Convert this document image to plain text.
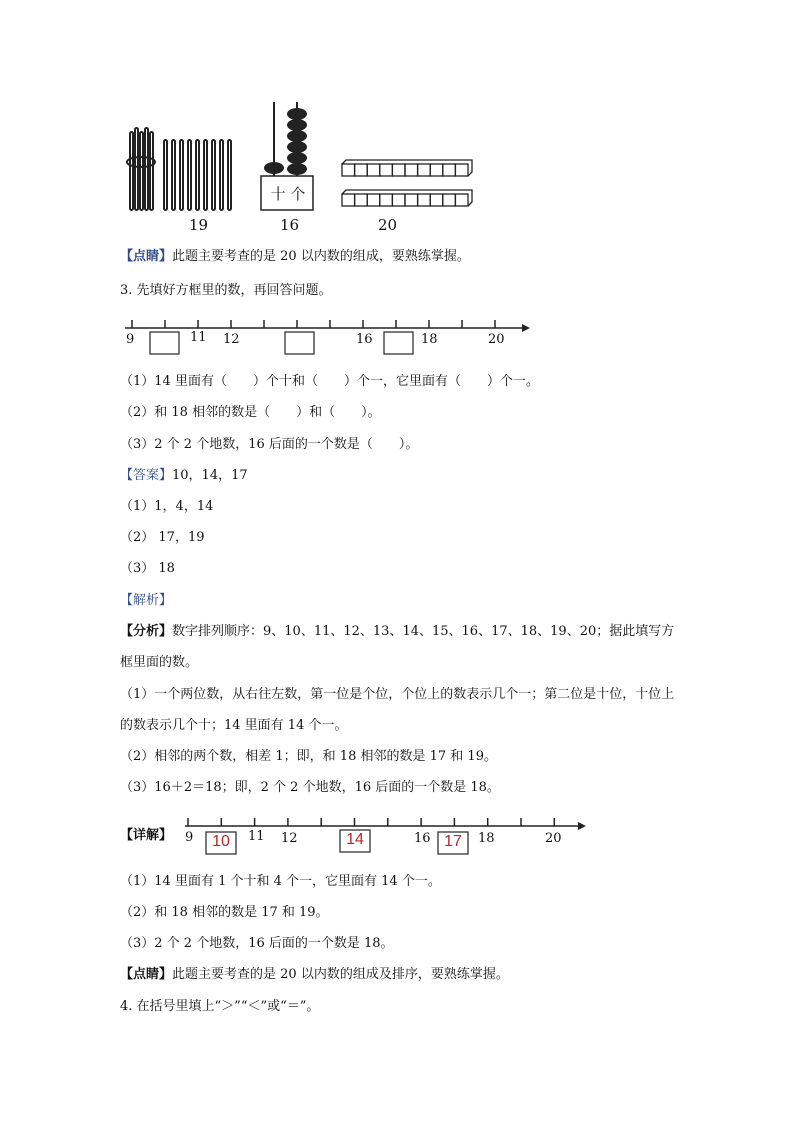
十 个
19	16	20
【点睛】此题主要考查的是 20 以内数的组成，要熟练掌握。
3. 先填好方框里的数，再回答问题。
9	11 12	16	18	20
（1）14 里面有（　　）个十和（　　）个一，它里面有（　　）个一。
（2）和 18 相邻的数是（　　）和（　　）。
（3）2 个 2 个地数，16 后面的一个数是（　　）。
【答案】10，14，17
（1）1，4，14
（2） 17，19
（3） 18
【解析】
【分析】数字排列顺序：9、10、11、12、13、14、15、16、17、18、19、20；据此填写方框里面的数。
（1）一个两位数，从右往左数，第一位是个位，个位上的数表示几个一；第二位是十位，十位上的数表示几个十；14 里面有 14 个一。
（2）相邻的两个数，相差 1；即，和 18 相邻的数是 17 和 19。
（3）16＋2＝18；即，2 个 2 个地数，16 后面的一个数是 18。
【详解】 9	11 12	16	18	20
10	14	17
（1）14 里面有 1 个十和 4 个一，它里面有 14 个一。
（2）和 18 相邻的数是 17 和 19。
（3）2 个 2 个地数，16 后面的一个数是 18。
【点睛】此题主要考查的是 20 以内数的组成及排序，要熟练掌握。
4. 在括号里填上“＞”“＜”或“＝”。
